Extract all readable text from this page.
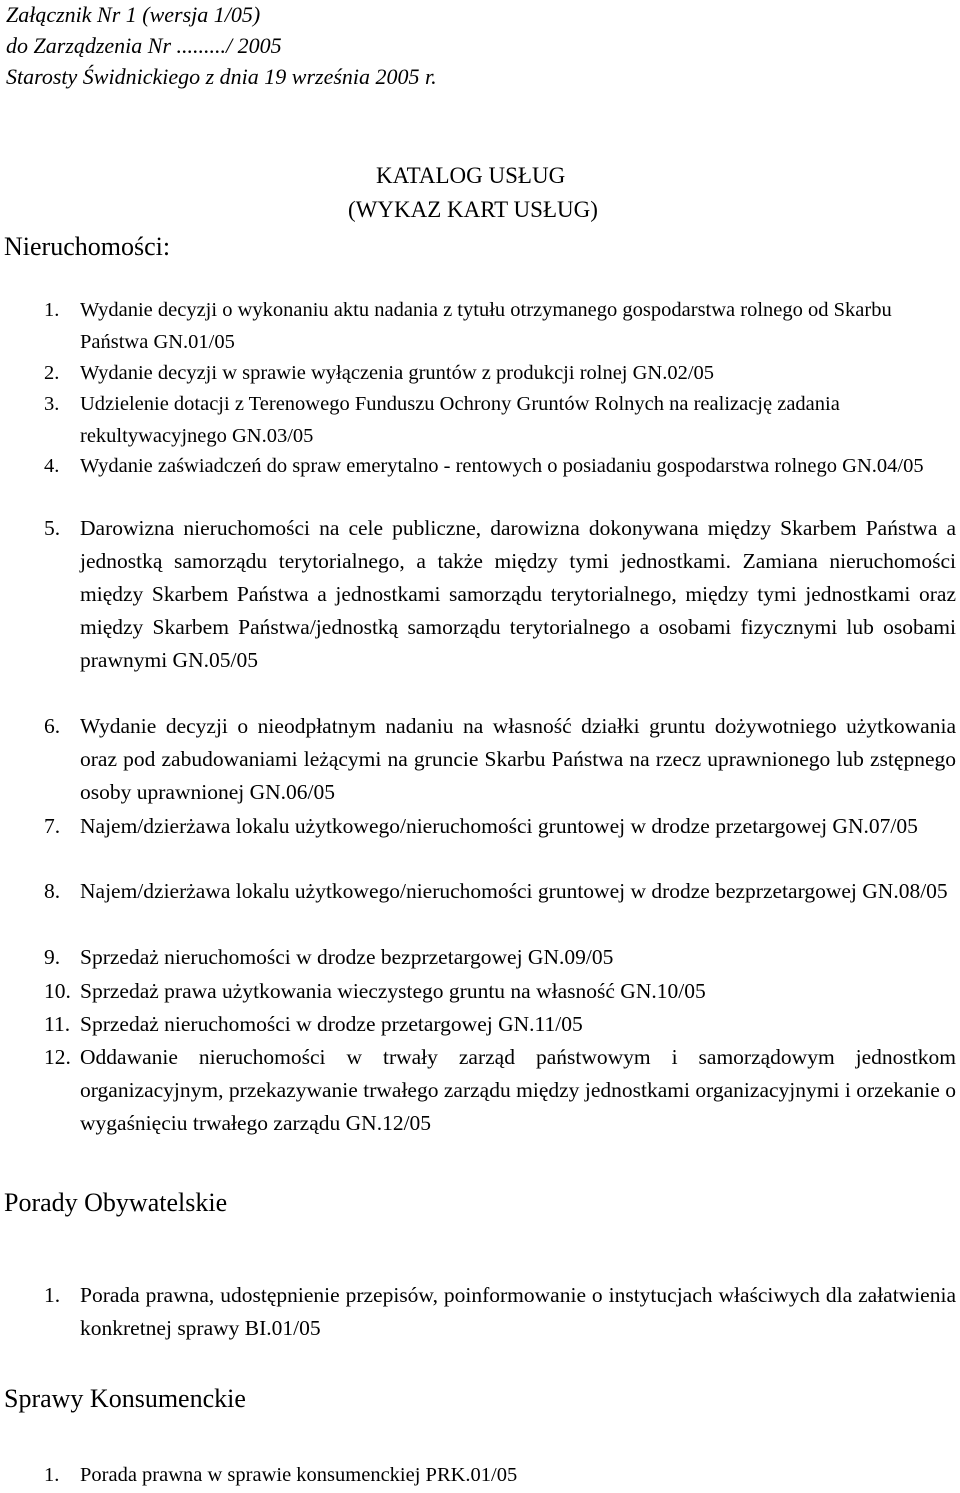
Załącznik Nr 1 (wersja 1/05)
do Zarządzenia Nr ........./ 2005
Starosty Świdnickiego z dnia 19 września 2005 r.
KATALOG USŁUG
(WYKAZ KART USŁUG)
Nieruchomości:
1. Wydanie decyzji o wykonaniu aktu nadania z tytułu otrzymanego gospodarstwa rolnego od Skarbu Państwa GN.01/05
2. Wydanie decyzji w sprawie wyłączenia gruntów z produkcji rolnej GN.02/05
3. Udzielenie dotacji z Terenowego Funduszu Ochrony Gruntów Rolnych na realizację zadania rekultywacyjnego GN.03/05
4. Wydanie zaświadczeń do spraw emerytalno - rentowych o posiadaniu gospodarstwa rolnego GN.04/05
5. Darowizna nieruchomości na cele publiczne, darowizna dokonywana między Skarbem Państwa a jednostką samorządu terytorialnego, a także między tymi jednostkami. Zamiana nieruchomości między Skarbem Państwa a jednostkami samorządu terytorialnego, między tymi jednostkami oraz między Skarbem Państwa/jednostką samorządu terytorialnego a osobami fizycznymi lub osobami prawnymi GN.05/05
6. Wydanie decyzji o nieodpłatnym nadaniu na własność działki gruntu dożywotniego użytkowania oraz pod zabudowaniami leżącymi na gruncie Skarbu Państwa na rzecz uprawnionego lub zstępnego osoby uprawnionej GN.06/05
7. Najem/dzierżawa lokalu użytkowego/nieruchomości gruntowej w drodze przetargowej GN.07/05
8. Najem/dzierżawa lokalu użytkowego/nieruchomości gruntowej w drodze bezprzetargowej GN.08/05
9. Sprzedaż nieruchomości w drodze bezprzetargowej GN.09/05
10. Sprzedaż prawa użytkowania wieczystego gruntu na własność GN.10/05
11. Sprzedaż nieruchomości w drodze przetargowej GN.11/05
12. Oddawanie nieruchomości w trwały zarząd państwowym i samorządowym jednostkom organizacyjnym, przekazywanie trwałego zarządu między jednostkami organizacyjnymi i orzekanie o wygaśnięciu trwałego zarządu GN.12/05
Porady Obywatelskie
1. Porada prawna, udostępnienie przepisów, poinformowanie o instytucjach właściwych dla załatwienia konkretnej sprawy BI.01/05
Sprawy Konsumenckie
1. Porada prawna w sprawie konsumenckiej PRK.01/05
